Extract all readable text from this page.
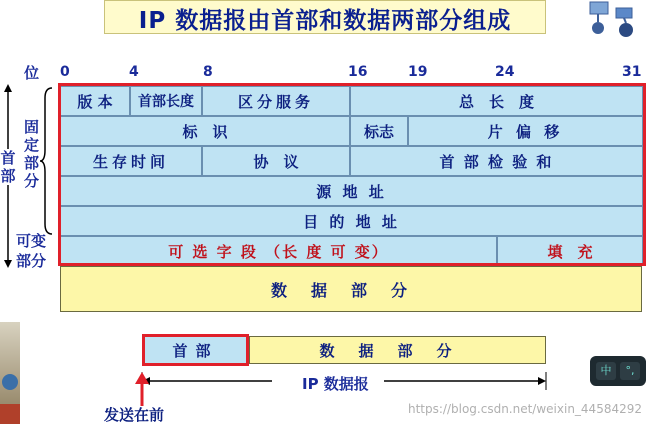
IP 数据报由首部和数据两部分组成
位 0	4	8	16	19	24	31
首部
固定部分
可变
部分
版 本	首部长度	区分服务	总　长　度
标　识	标志	片 偏 移
生存时间	协　议	首 部 检 验 和
源 地 址
目 的 地 址
可 选 字 段 （长 度 可 变）	填　充
数据部分
首部	数据部分
IP 数据报
发送在前
中	°,
https://blog.csdn.net/weixin_44584292
